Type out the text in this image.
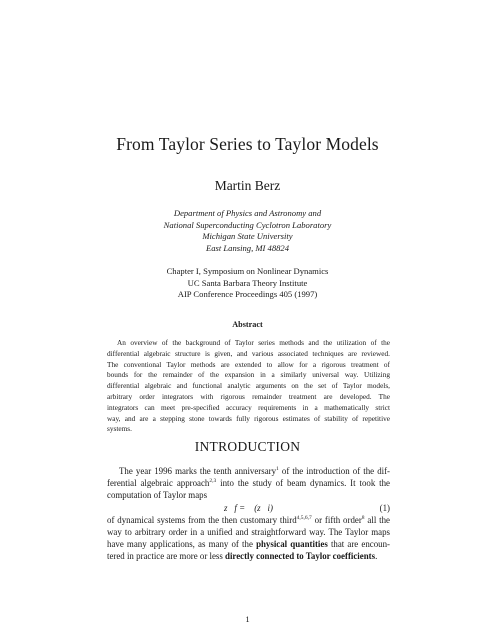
From Taylor Series to Taylor Models
Martin Berz
Department of Physics and Astronomy and
National Superconducting Cyclotron Laboratory
Michigan State University
East Lansing, MI 48824
Chapter I, Symposium on Nonlinear Dynamics
UC Santa Barbara Theory Institute
AIP Conference Proceedings 405 (1997)
Abstract
An overview of the background of Taylor series methods and the utilization of the
differential algebraic structure is given, and various associated techniques are reviewed.
The conventional Taylor methods are extended to allow for a rigorous treatment of
bounds for the remainder of the expansion in a similarly universal way. Utilizing
differential algebraic and functional analytic arguments on the set of Taylor models,
arbitrary order integrators with rigorous remainder treatment are developed. The
integrators can meet pre-specified accuracy requirements in a mathematically strict
way, and are a stepping stone towards fully rigorous estimates of stability of repetitive
systems.
INTRODUCTION
The year 1996 marks the tenth anniversary$^1$ of the introduction of the dif-
ferential algebraic approach$^{2,3}$ into the study of beam dynamics. It took the
computation of Taylor maps
z⃗f = 𝓜(z⃗i)	(1)
of dynamical systems from the then customary third$^{4,5,6,7}$ or fifth order$^8$ all the
way to arbitrary order in a unified and straightforward way. The Taylor maps
have many applications, as many of the physical quantities that are encoun-
tered in practice are more or less directly connected to Taylor coefficients.
1
